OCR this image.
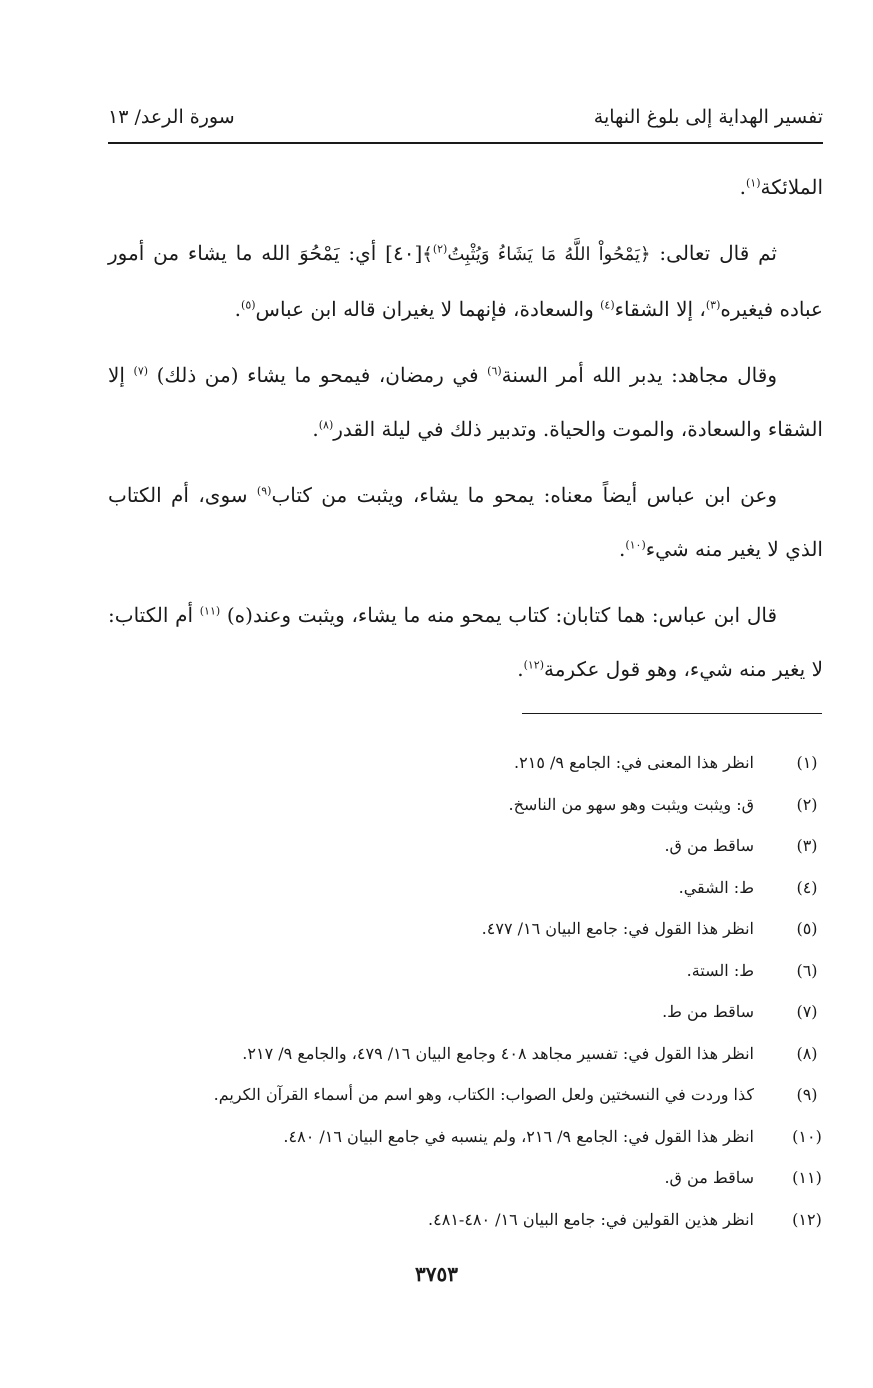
تفسير الهداية إلى بلوغ النهاية
سورة الرعد/ ١٣

الملائكة$^{(١)}$.

ثم قال تعالى: ﴿يَمْحُواْ اللَّهُ مَا يَشَاءُ وَيُثْبِتُ$^{(٢)}$﴾[٤٠] أي: يَمْحُوَ الله ما يشاء من أمور عباده فيغيره$^{(٣)}$، إلا الشقاء$^{(٤)}$ والسعادة، فإنهما لا يغيران قاله ابن عباس$^{(٥)}$.

وقال مجاهد: يدبر الله أمر السنة$^{(٦)}$ في رمضان، فيمحو ما يشاء (من ذلك) $^{(٧)}$ إلا الشقاء والسعادة، والموت والحياة. وتدبير ذلك في ليلة القدر$^{(٨)}$.

وعن ابن عباس أيضاً معناه: يمحو ما يشاء، ويثبت من كتاب$^{(٩)}$ سوى، أم الكتاب الذي لا يغير منه شيء$^{(١٠)}$.

قال ابن عباس: هما كتابان: كتاب يمحو منه ما يشاء، ويثبت وعند(ه) $^{(١١)}$ أم الكتاب: لا يغير منه شيء، وهو قول عكرمة$^{(١٢)}$.

(١)
انظر هذا المعنى في: الجامع ٩/ ٢١٥.
(٢)
ق: ويثبت ويثبت وهو سهو من الناسخ.
(٣)
ساقط من ق.
(٤)
ط: الشقي.
(٥)
انظر هذا القول في: جامع البيان ١٦/ ٤٧٧.
(٦)
ط: الستة.
(٧)
ساقط من ط.
(٨)
انظر هذا القول في: تفسير مجاهد ٤٠٨ وجامع البيان ١٦/ ٤٧٩، والجامع ٩/ ٢١٧.
(٩)
كذا وردت في النسختين ولعل الصواب: الكتاب، وهو اسم من أسماء القرآن الكريم.
(١٠)
انظر هذا القول في: الجامع ٩/ ٢١٦، ولم ينسبه في جامع البيان ١٦/ ٤٨٠.
(١١)
ساقط من ق.
(١٢)
انظر هذين القولين في: جامع البيان ١٦/ ٤٨٠-٤٨١.
٣٧٥٣
